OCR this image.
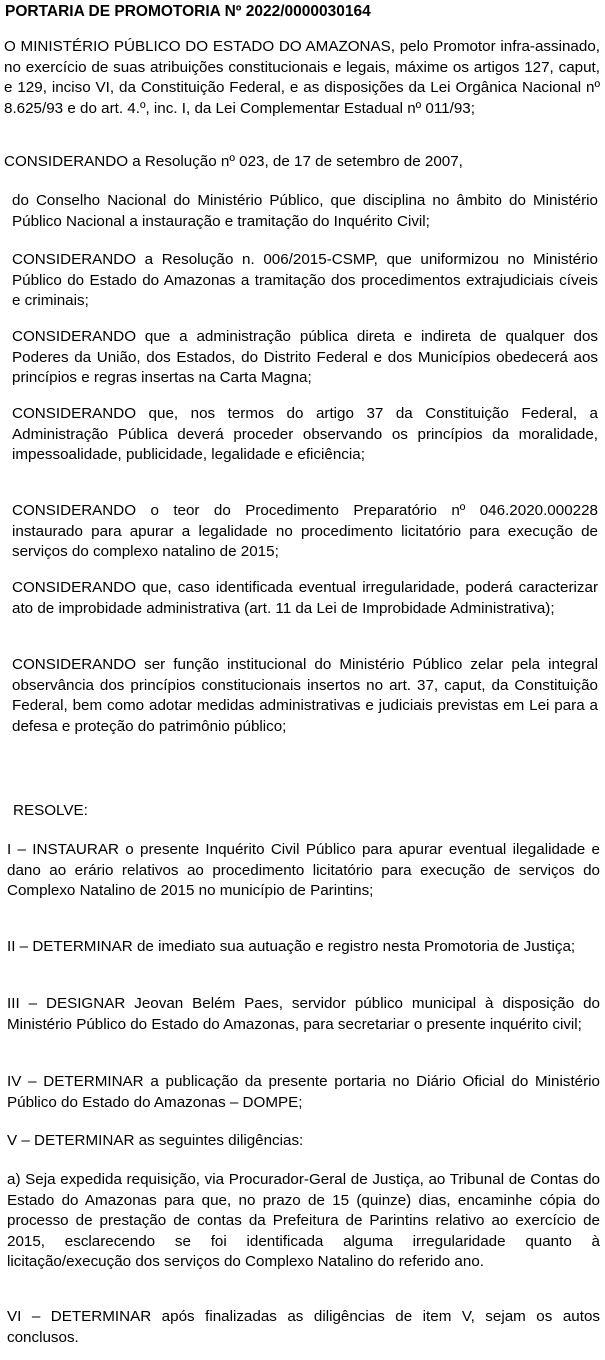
PORTARIA DE PROMOTORIA Nº 2022/0000030164

O MINISTÉRIO PÚBLICO DO ESTADO DO AMAZONAS, pelo Promotor infra-assinado, no exercício de suas atribuições constitucionais e legais, máxime os artigos 127, caput, e 129, inciso VI, da Constituição Federal, e as disposições da Lei Orgânica Nacional nº 8.625/93 e do art. 4.º, inc. I, da Lei Complementar Estadual nº 011/93;

CONSIDERANDO a Resolução nº 023, de 17 de setembro de 2007,

do Conselho Nacional do Ministério Público, que disciplina no âmbito do Ministério Público Nacional a instauração e tramitação do Inquérito Civil;

CONSIDERANDO a Resolução n. 006/2015-CSMP, que uniformizou no Ministério Público do Estado do Amazonas a tramitação dos procedimentos extrajudiciais cíveis e criminais;

CONSIDERANDO que a administração pública direta e indireta de qualquer dos Poderes da União, dos Estados, do Distrito Federal e dos Municípios obedecerá aos princípios e regras insertas na Carta Magna;

CONSIDERANDO que, nos termos do artigo 37 da Constituição Federal, a Administração Pública deverá proceder observando os princípios da moralidade, impessoalidade, publicidade, legalidade e eficiência;

CONSIDERANDO o teor do Procedimento Preparatório nº 046.2020.000228 instaurado para apurar a legalidade no procedimento licitatório para execução de serviços do complexo natalino de 2015;

CONSIDERANDO que, caso identificada eventual irregularidade, poderá caracterizar ato de improbidade administrativa (art. 11 da Lei de Improbidade Administrativa);

CONSIDERANDO ser função institucional do Ministério Público zelar pela integral observância dos princípios constitucionais insertos no art. 37, caput, da Constituição Federal, bem como adotar medidas administrativas e judiciais previstas em Lei para a defesa e proteção do patrimônio público;

RESOLVE:

I – INSTAURAR o presente Inquérito Civil Público para apurar eventual ilegalidade e dano ao erário relativos ao procedimento licitatório para execução de serviços do Complexo Natalino de 2015 no município de Parintins;

II – DETERMINAR de imediato sua autuação e registro nesta Promotoria de Justiça;

III – DESIGNAR Jeovan Belém Paes, servidor público municipal à disposição do Ministério Público do Estado do Amazonas, para secretariar o presente inquérito civil;

IV – DETERMINAR a publicação da presente portaria no Diário Oficial do Ministério Público do Estado do Amazonas – DOMPE;

V – DETERMINAR as seguintes diligências:

a) Seja expedida requisição, via Procurador-Geral de Justiça, ao Tribunal de Contas do Estado do Amazonas para que, no prazo de 15 (quinze) dias, encaminhe cópia do processo de prestação de contas da Prefeitura de Parintins relativo ao exercício de 2015, esclarecendo se foi identificada alguma irregularidade quanto à licitação/execução dos serviços do Complexo Natalino do referido ano.

VI – DETERMINAR após finalizadas as diligências de item V, sejam os autos conclusos.
